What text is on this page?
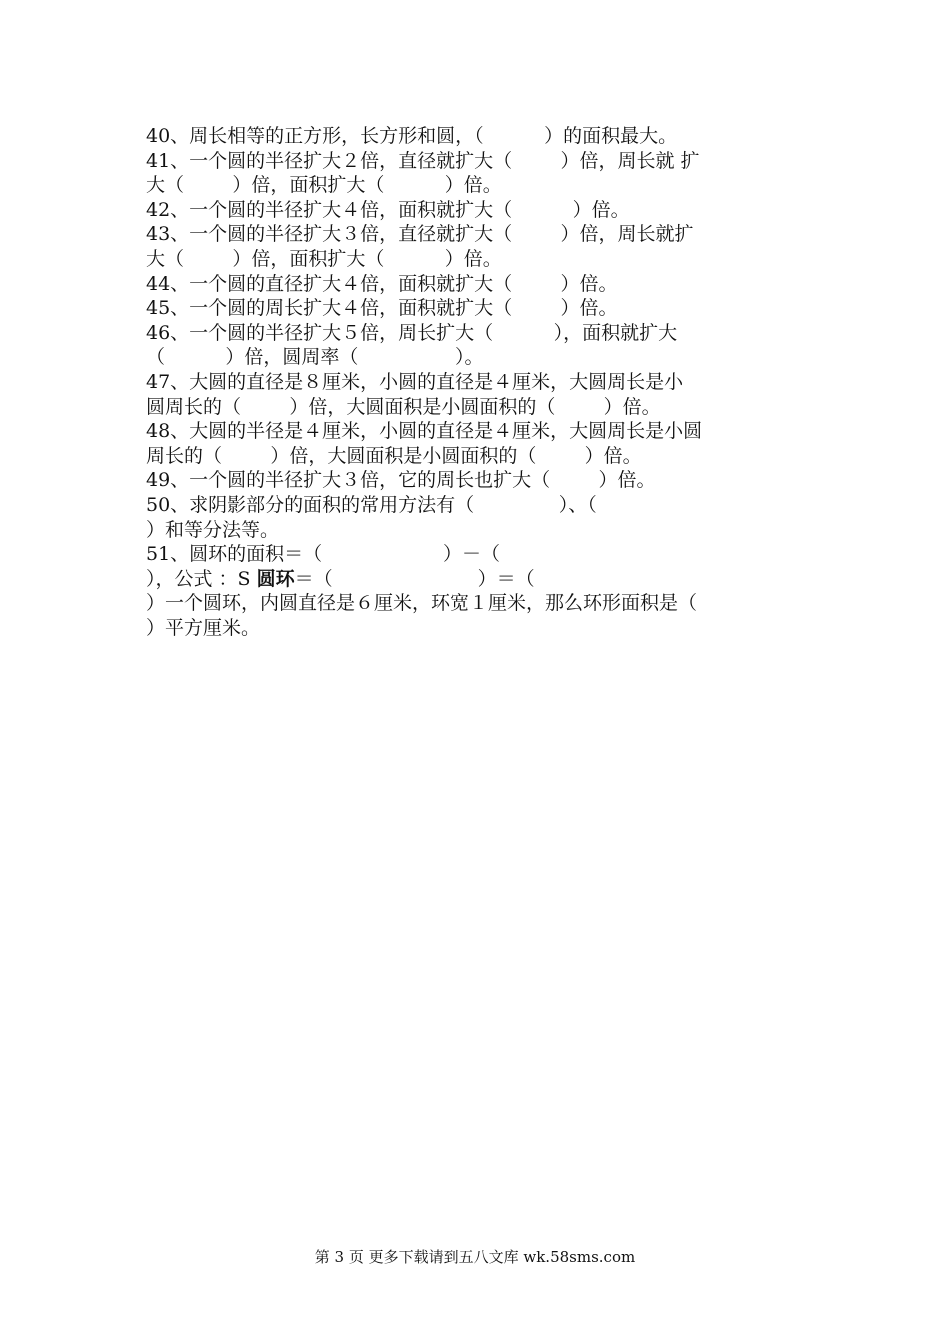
40、周长相等的正方形，长方形和圆，（          ）的面积最大。
41、一个圆的半径扩大２倍，直径就扩大（        ）倍，周长就 扩
大（        ）倍，面积扩大（          ）倍。
42、一个圆的半径扩大４倍，面积就扩大（          ）倍。
43、一个圆的半径扩大３倍，直径就扩大（        ）倍，周长就扩
大（        ）倍，面积扩大（          ）倍。
44、一个圆的直径扩大４倍，面积就扩大（        ）倍。
45、一个圆的周长扩大４倍，面积就扩大（        ）倍。
46、一个圆的半径扩大５倍，周长扩大（          ），面积就扩大
（          ）倍，圆周率（                ）。
47、大圆的直径是８厘米，小圆的直径是４厘米，大圆周长是小
圆周长的（        ）倍，大圆面积是小圆面积的（        ）倍。
48、大圆的半径是４厘米，小圆的直径是４厘米，大圆周长是小圆
周长的（        ）倍，大圆面积是小圆面积的（        ）倍。
49、一个圆的半径扩大３倍，它的周长也扩大（        ）倍。
50、求阴影部分的面积的常用方法有（              ）、（
）和等分法等。
51、圆环的面积＝（                    ）－（
），公式 ：S 圆环＝（                        ）＝（
）一个圆环，内圆直径是６厘米，环宽１厘米，那么环形面积是（
）平方厘米。
第 3 页 更多下载请到五八文库 wk.58sms.com
